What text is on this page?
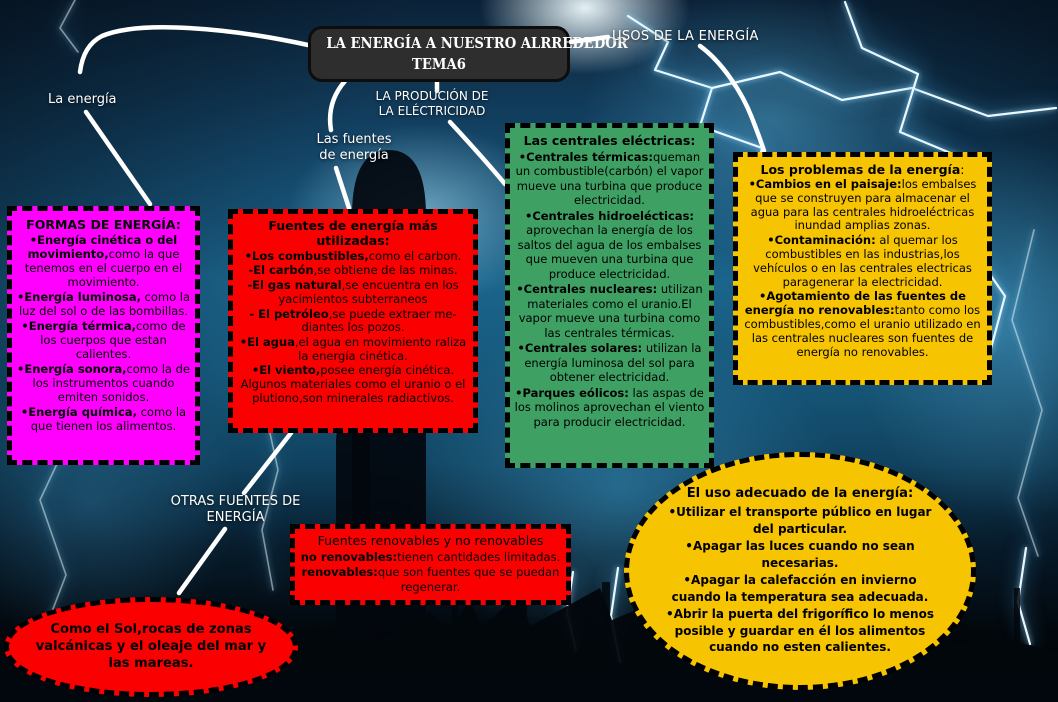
LA ENERGÍA A NUESTRO ALRREDEDOR
TEMA6
La energía
USOS DE LA ENERGÍA
LA PRODUCIÓN DE
LA ELÉCTRICIDAD
Las fuentes
de energía
OTRAS FUENTES DE
ENERGÍA
FORMAS DE ENERGÍA:
•Energía cinética o del movimiento,como la que tenemos en el cuerpo en el movimiento.
•Energía luminosa, como la luz del sol o de las bombillas.
•Energía térmica,como de los cuerpos que estan calientes.
•Energía sonora,como la de los instrumentos cuando emiten sonidos.
•Energía química, como la que tienen los alimentos.
Fuentes de energía más utilizadas:
•Los combustibles,como el carbon.
-El carbón,se obtiene de las minas.
-El gas natural,se encuentra en los yacimientos subterraneos
- El petróleo,se puede extraer me-diantes los pozos.
•El agua,el agua en movimiento raliza la energía cinética.
•El viento,posee energía cinética. Algunos materiales como el uranio o el plutiono,son minerales radiactivos.
Las centrales eléctricas:
•Centrales térmicas:queman un combustible(carbón) el vapor mueve una turbina que produce electricidad.
•Centrales hidroelécticas: aprovechan la energía de los saltos del agua de los embalses que mueven una turbina que produce electricidad.
•Centrales nucleares: utilizan materiales como el uranio.El vapor mueve una turbina como las centrales térmicas.
•Centrales solares: utilizan la energía luminosa del sol para obtener electricidad.
•Parques eólicos: las aspas de los molinos aprovechan el viento para producir electricidad.
Los problemas de la energía:
•Cambios en el paisaje:los embalses que se construyen para almacenar el agua para las centrales hidroeléctricas inundad amplias zonas.
•Contaminación: al quemar los combustibles en las industrias,los vehículos o en las centrales electricas paragenerar la electricidad.
•Agotamiento de las fuentes de energía no renovables:tanto como los combustibles,como el uranio utilizado en las centrales nucleares son fuentes de energía no renovables.
Fuentes renovables y no renovables
no renovables:tienen cantidades limitadas.
renovables:que son fuentes que se puedan regenerar.
Como el Sol,rocas de zonas valcánicas y el oleaje del mar y las mareas.
El uso adecuado de la energía:
•Utilizar el transporte público en lugar del particular.
•Apagar las luces cuando no sean necesarias.
•Apagar la calefacción en invierno cuando la temperatura sea adecuada.
•Abrir la puerta del frigorífico lo menos posible y guardar en él los alimentos cuando no esten calientes.
